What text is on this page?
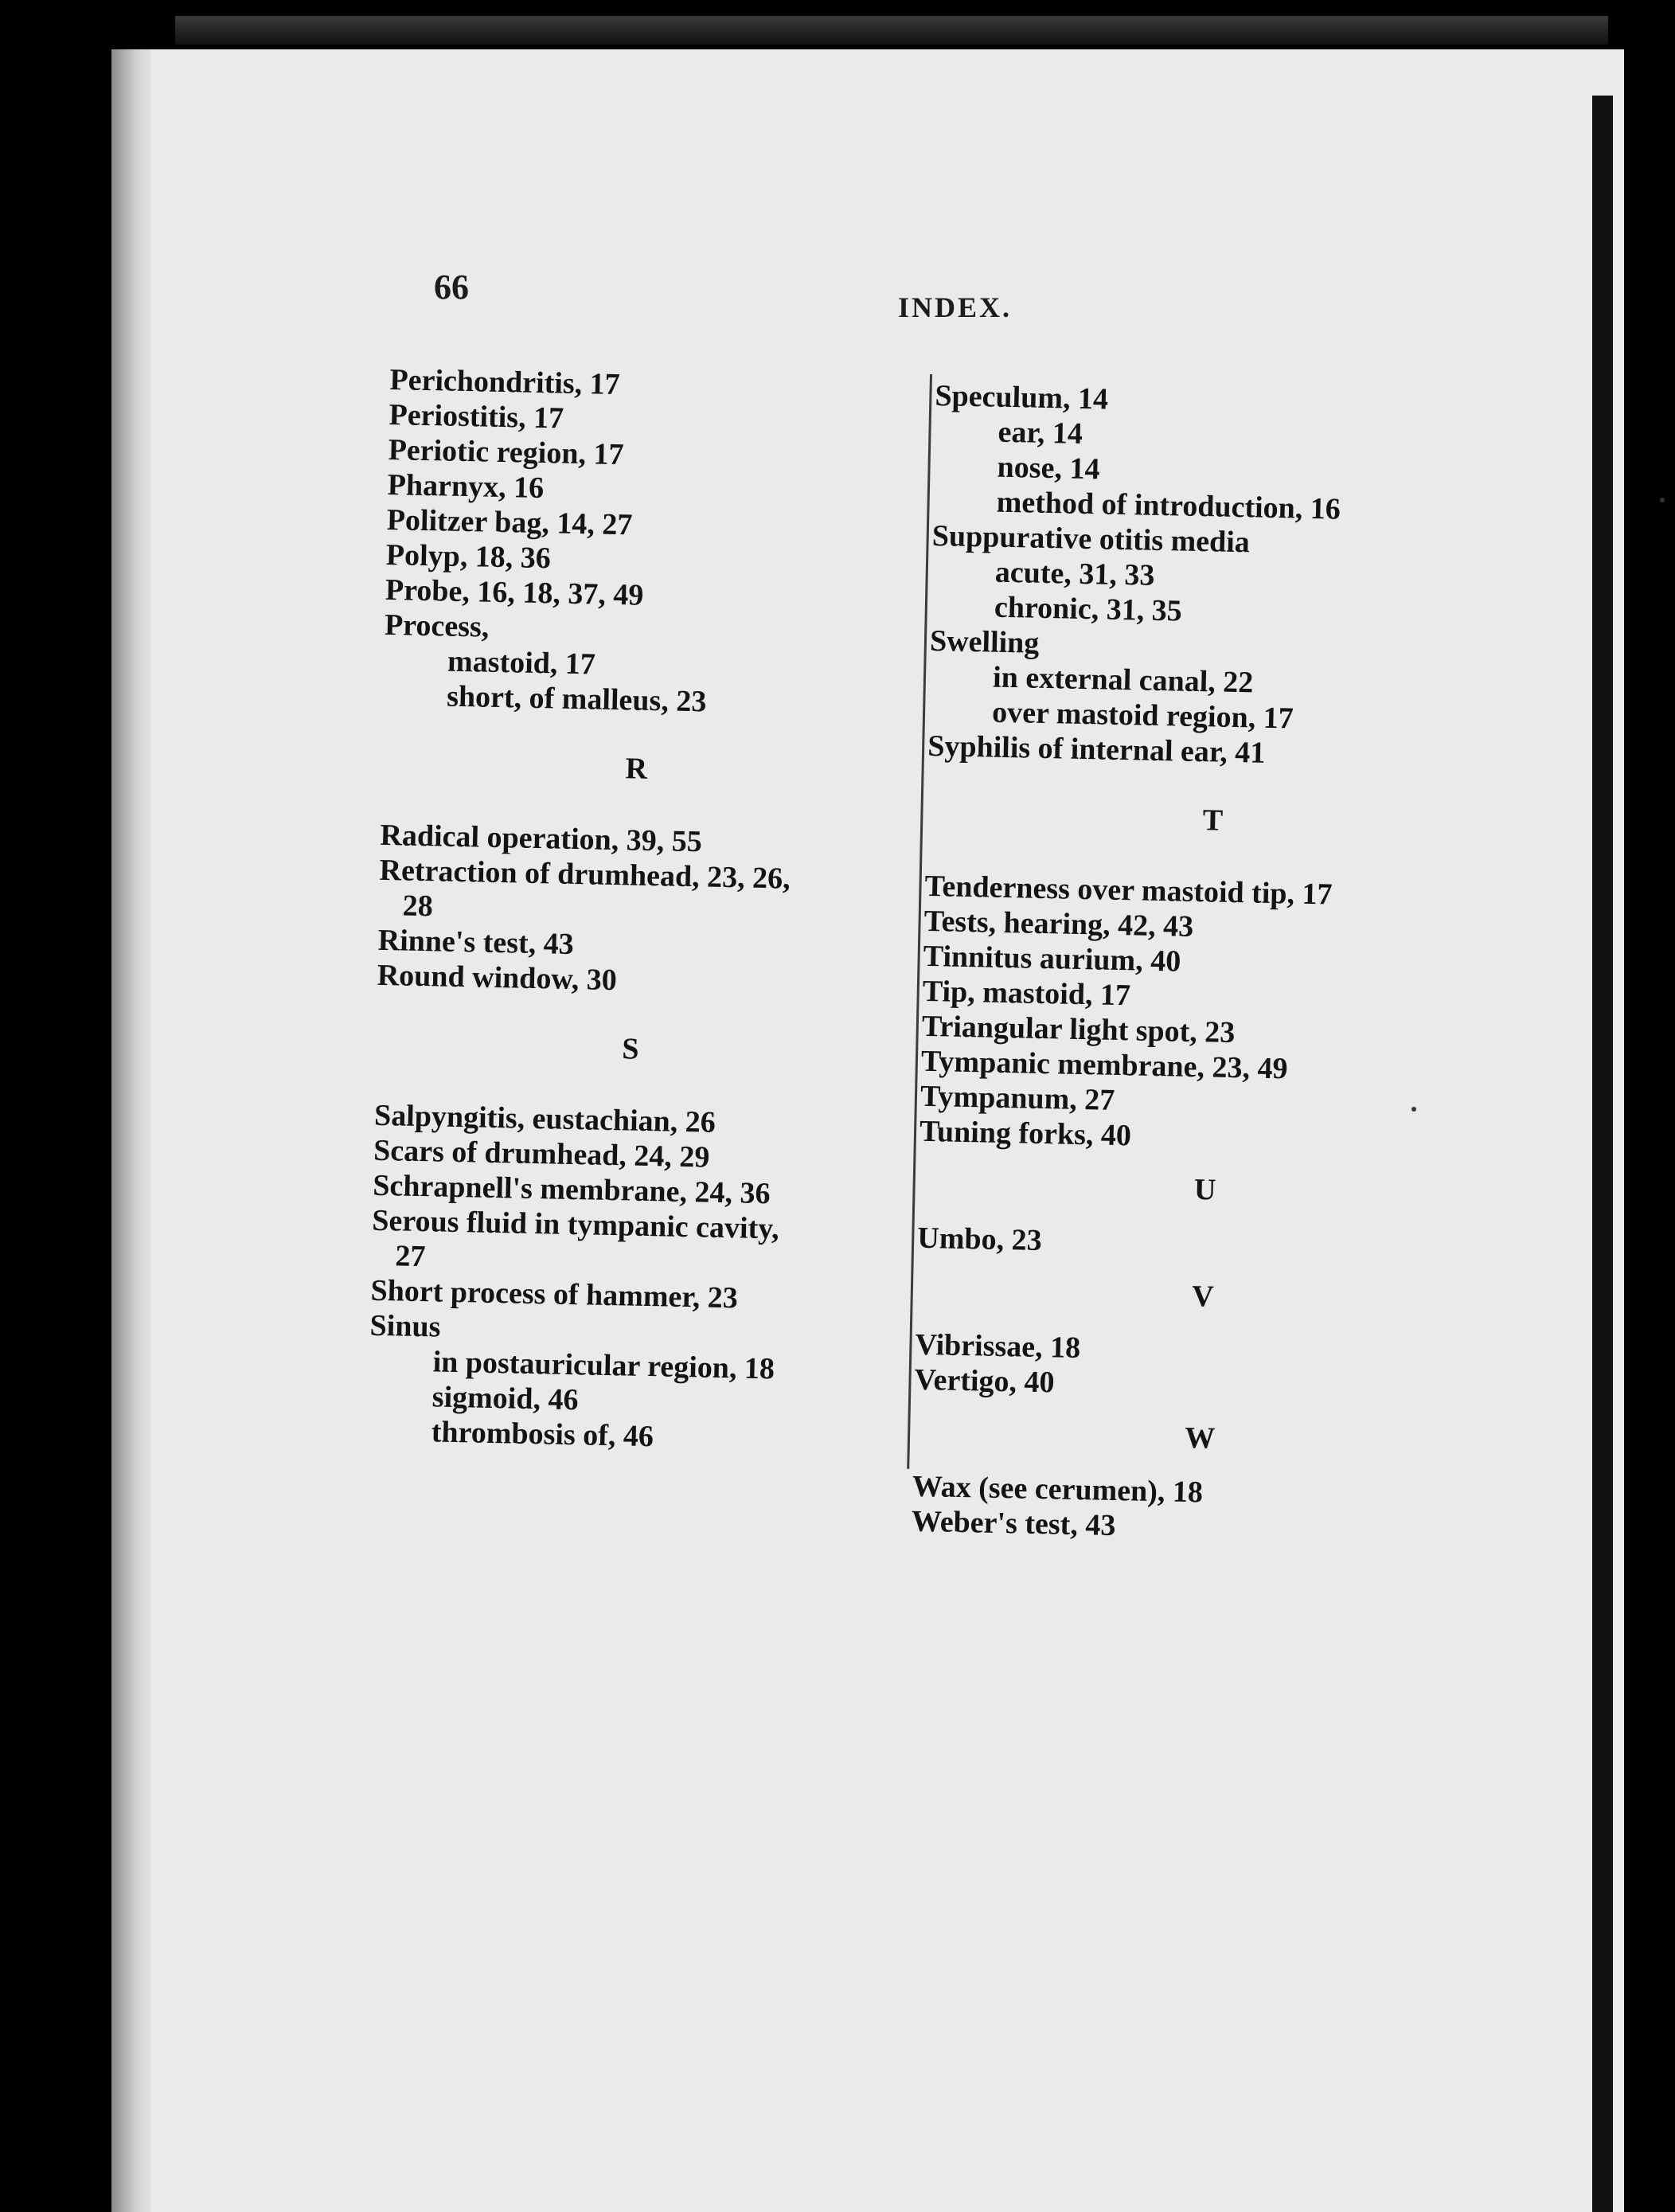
66
INDEX.
Perichondritis, 17
Periostitis, 17
Periotic region, 17
Pharnyx, 16
Politzer bag, 14, 27
Polyp, 18, 36
Probe, 16, 18, 37, 49
Process,
mastoid, 17
short, of malleus, 23
R
Radical operation, 39, 55
Retraction of drumhead, 23, 26,
28
Rinne's test, 43
Round window, 30
S
Salpyngitis, eustachian, 26
Scars of drumhead, 24, 29
Schrapnell's membrane, 24, 36
Serous fluid in tympanic cavity,
27
Short process of hammer, 23
Sinus
in postauricular region, 18
sigmoid, 46
thrombosis of, 46
Speculum, 14
ear, 14
nose, 14
method of introduction, 16
Suppurative otitis media
acute, 31, 33
chronic, 31, 35
Swelling
in external canal, 22
over mastoid region, 17
Syphilis of internal ear, 41
T
Tenderness over mastoid tip, 17
Tests, hearing, 42, 43
Tinnitus aurium, 40
Tip, mastoid, 17
Triangular light spot, 23
Tympanic membrane, 23, 49
Tympanum, 27
Tuning forks, 40
U
Umbo, 23
V
Vibrissae, 18
Vertigo, 40
W
Wax (see cerumen), 18
Weber's test, 43
